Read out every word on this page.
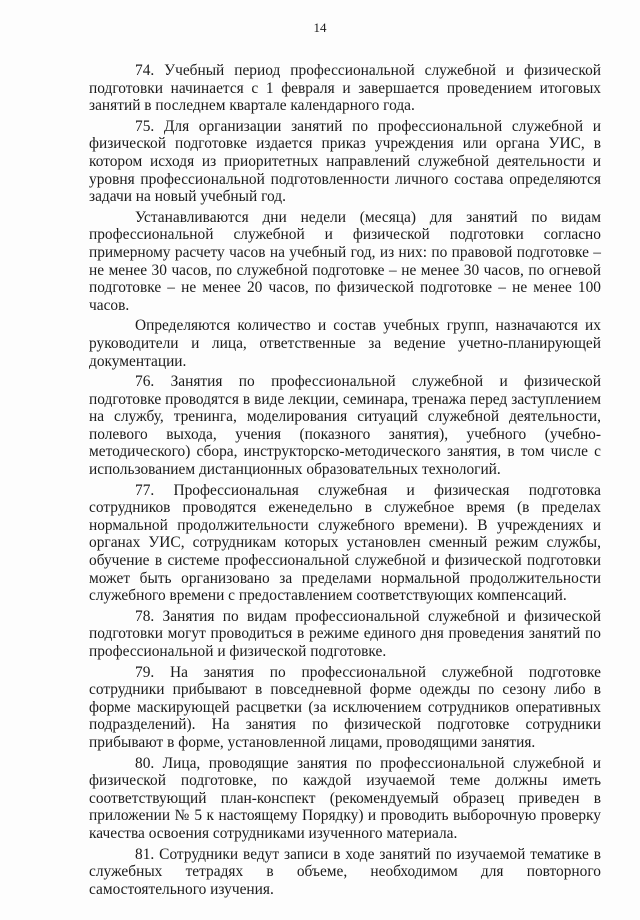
14

74. Учебный период профессиональной служебной и физической подготовки начинается с 1 февраля и завершается проведением итоговых занятий в последнем квартале календарного года.

75. Для организации занятий по профессиональной служебной и физической подготовке издается приказ учреждения или органа УИС, в котором исходя из приоритетных направлений служебной деятельности и уровня профессиональной подготовленности личного состава определяются задачи на новый учебный год.

Устанавливаются дни недели (месяца) для занятий по видам профессиональной служебной и физической подготовки согласно примерному расчету часов на учебный год, из них: по правовой подготовке – не менее 30 часов, по служебной подготовке – не менее 30 часов, по огневой подготовке – не менее 20 часов, по физической подготовке – не менее 100 часов.

Определяются количество и состав учебных групп, назначаются их руководители и лица, ответственные за ведение учетно-планирующей документации.

76. Занятия по профессиональной служебной и физической подготовке проводятся в виде лекции, семинара, тренажа перед заступлением на службу, тренинга, моделирования ситуаций служебной деятельности, полевого выхода, учения (показного занятия), учебного (учебно-методического) сбора, инструкторско-методического занятия, в том числе с использованием дистанционных образовательных технологий.

77. Профессиональная служебная и физическая подготовка сотрудников проводятся еженедельно в служебное время (в пределах нормальной продолжительности служебного времени). В учреждениях и органах УИС, сотрудникам которых установлен сменный режим службы, обучение в системе профессиональной служебной и физической подготовки может быть организовано за пределами нормальной продолжительности служебного времени с предоставлением соответствующих компенсаций.

78. Занятия по видам профессиональной служебной и физической подготовки могут проводиться в режиме единого дня проведения занятий по профессиональной и физической подготовке.

79. На занятия по профессиональной служебной подготовке сотрудники прибывают в повседневной форме одежды по сезону либо в форме маскирующей расцветки (за исключением сотрудников оперативных подразделений). На занятия по физической подготовке сотрудники прибывают в форме, установленной лицами, проводящими занятия.

80. Лица, проводящие занятия по профессиональной служебной и физической подготовке, по каждой изучаемой теме должны иметь соответствующий план-конспект (рекомендуемый образец приведен в приложении № 5 к настоящему Порядку) и проводить выборочную проверку качества освоения сотрудниками изученного материала.

81. Сотрудники ведут записи в ходе занятий по изучаемой тематике в служебных тетрадях в объеме, необходимом для повторного самостоятельного изучения.
